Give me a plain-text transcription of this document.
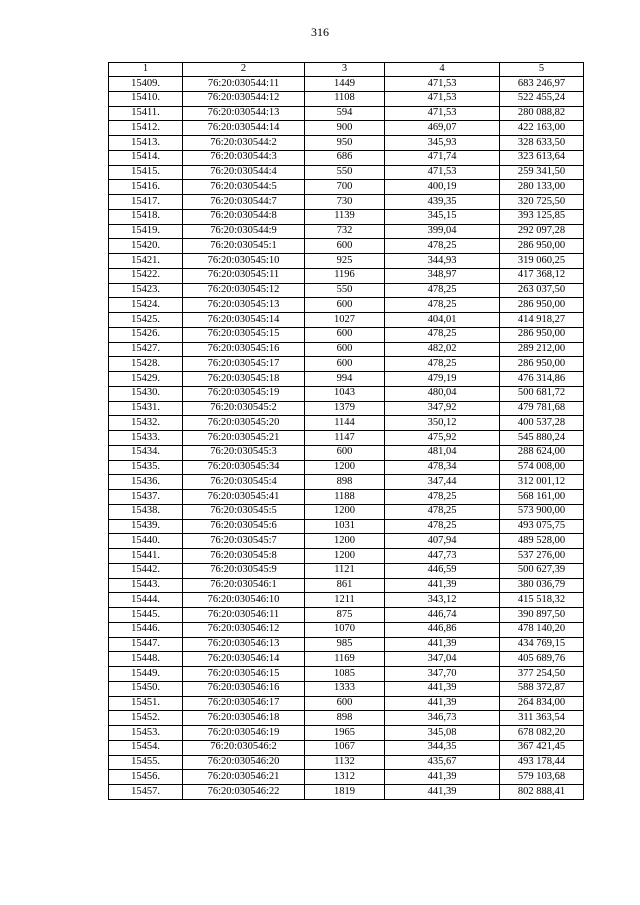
316
1	2	3	4	5
15409.	76:20:030544:11	1449	471,53	683 246,97
15410.	76:20:030544:12	1108	471,53	522 455,24
15411.	76:20:030544:13	594	471,53	280 088,82
15412.	76:20:030544:14	900	469,07	422 163,00
15413.	76:20:030544:2	950	345,93	328 633,50
15414.	76:20:030544:3	686	471,74	323 613,64
15415.	76:20:030544:4	550	471,53	259 341,50
15416.	76:20:030544:5	700	400,19	280 133,00
15417.	76:20:030544:7	730	439,35	320 725,50
15418.	76:20:030544:8	1139	345,15	393 125,85
15419.	76:20:030544:9	732	399,04	292 097,28
15420.	76:20:030545:1	600	478,25	286 950,00
15421.	76:20:030545:10	925	344,93	319 060,25
15422.	76:20:030545:11	1196	348,97	417 368,12
15423.	76:20:030545:12	550	478,25	263 037,50
15424.	76:20:030545:13	600	478,25	286 950,00
15425.	76:20:030545:14	1027	404,01	414 918,27
15426.	76:20:030545:15	600	478,25	286 950,00
15427.	76:20:030545:16	600	482,02	289 212,00
15428.	76:20:030545:17	600	478,25	286 950,00
15429.	76:20:030545:18	994	479,19	476 314,86
15430.	76:20:030545:19	1043	480,04	500 681,72
15431.	76:20:030545:2	1379	347,92	479 781,68
15432.	76:20:030545:20	1144	350,12	400 537,28
15433.	76:20:030545:21	1147	475,92	545 880,24
15434.	76:20:030545:3	600	481,04	288 624,00
15435.	76:20:030545:34	1200	478,34	574 008,00
15436.	76:20:030545:4	898	347,44	312 001,12
15437.	76:20:030545:41	1188	478,25	568 161,00
15438.	76:20:030545:5	1200	478,25	573 900,00
15439.	76:20:030545:6	1031	478,25	493 075,75
15440.	76:20:030545:7	1200	407,94	489 528,00
15441.	76:20:030545:8	1200	447,73	537 276,00
15442.	76:20:030545:9	1121	446,59	500 627,39
15443.	76:20:030546:1	861	441,39	380 036,79
15444.	76:20:030546:10	1211	343,12	415 518,32
15445.	76:20:030546:11	875	446,74	390 897,50
15446.	76:20:030546:12	1070	446,86	478 140,20
15447.	76:20:030546:13	985	441,39	434 769,15
15448.	76:20:030546:14	1169	347,04	405 689,76
15449.	76:20:030546:15	1085	347,70	377 254,50
15450.	76:20:030546:16	1333	441,39	588 372,87
15451.	76:20:030546:17	600	441,39	264 834,00
15452.	76:20:030546:18	898	346,73	311 363,54
15453.	76:20:030546:19	1965	345,08	678 082,20
15454.	76:20:030546:2	1067	344,35	367 421,45
15455.	76:20:030546:20	1132	435,67	493 178,44
15456.	76:20:030546:21	1312	441,39	579 103,68
15457.	76:20:030546:22	1819	441,39	802 888,41
